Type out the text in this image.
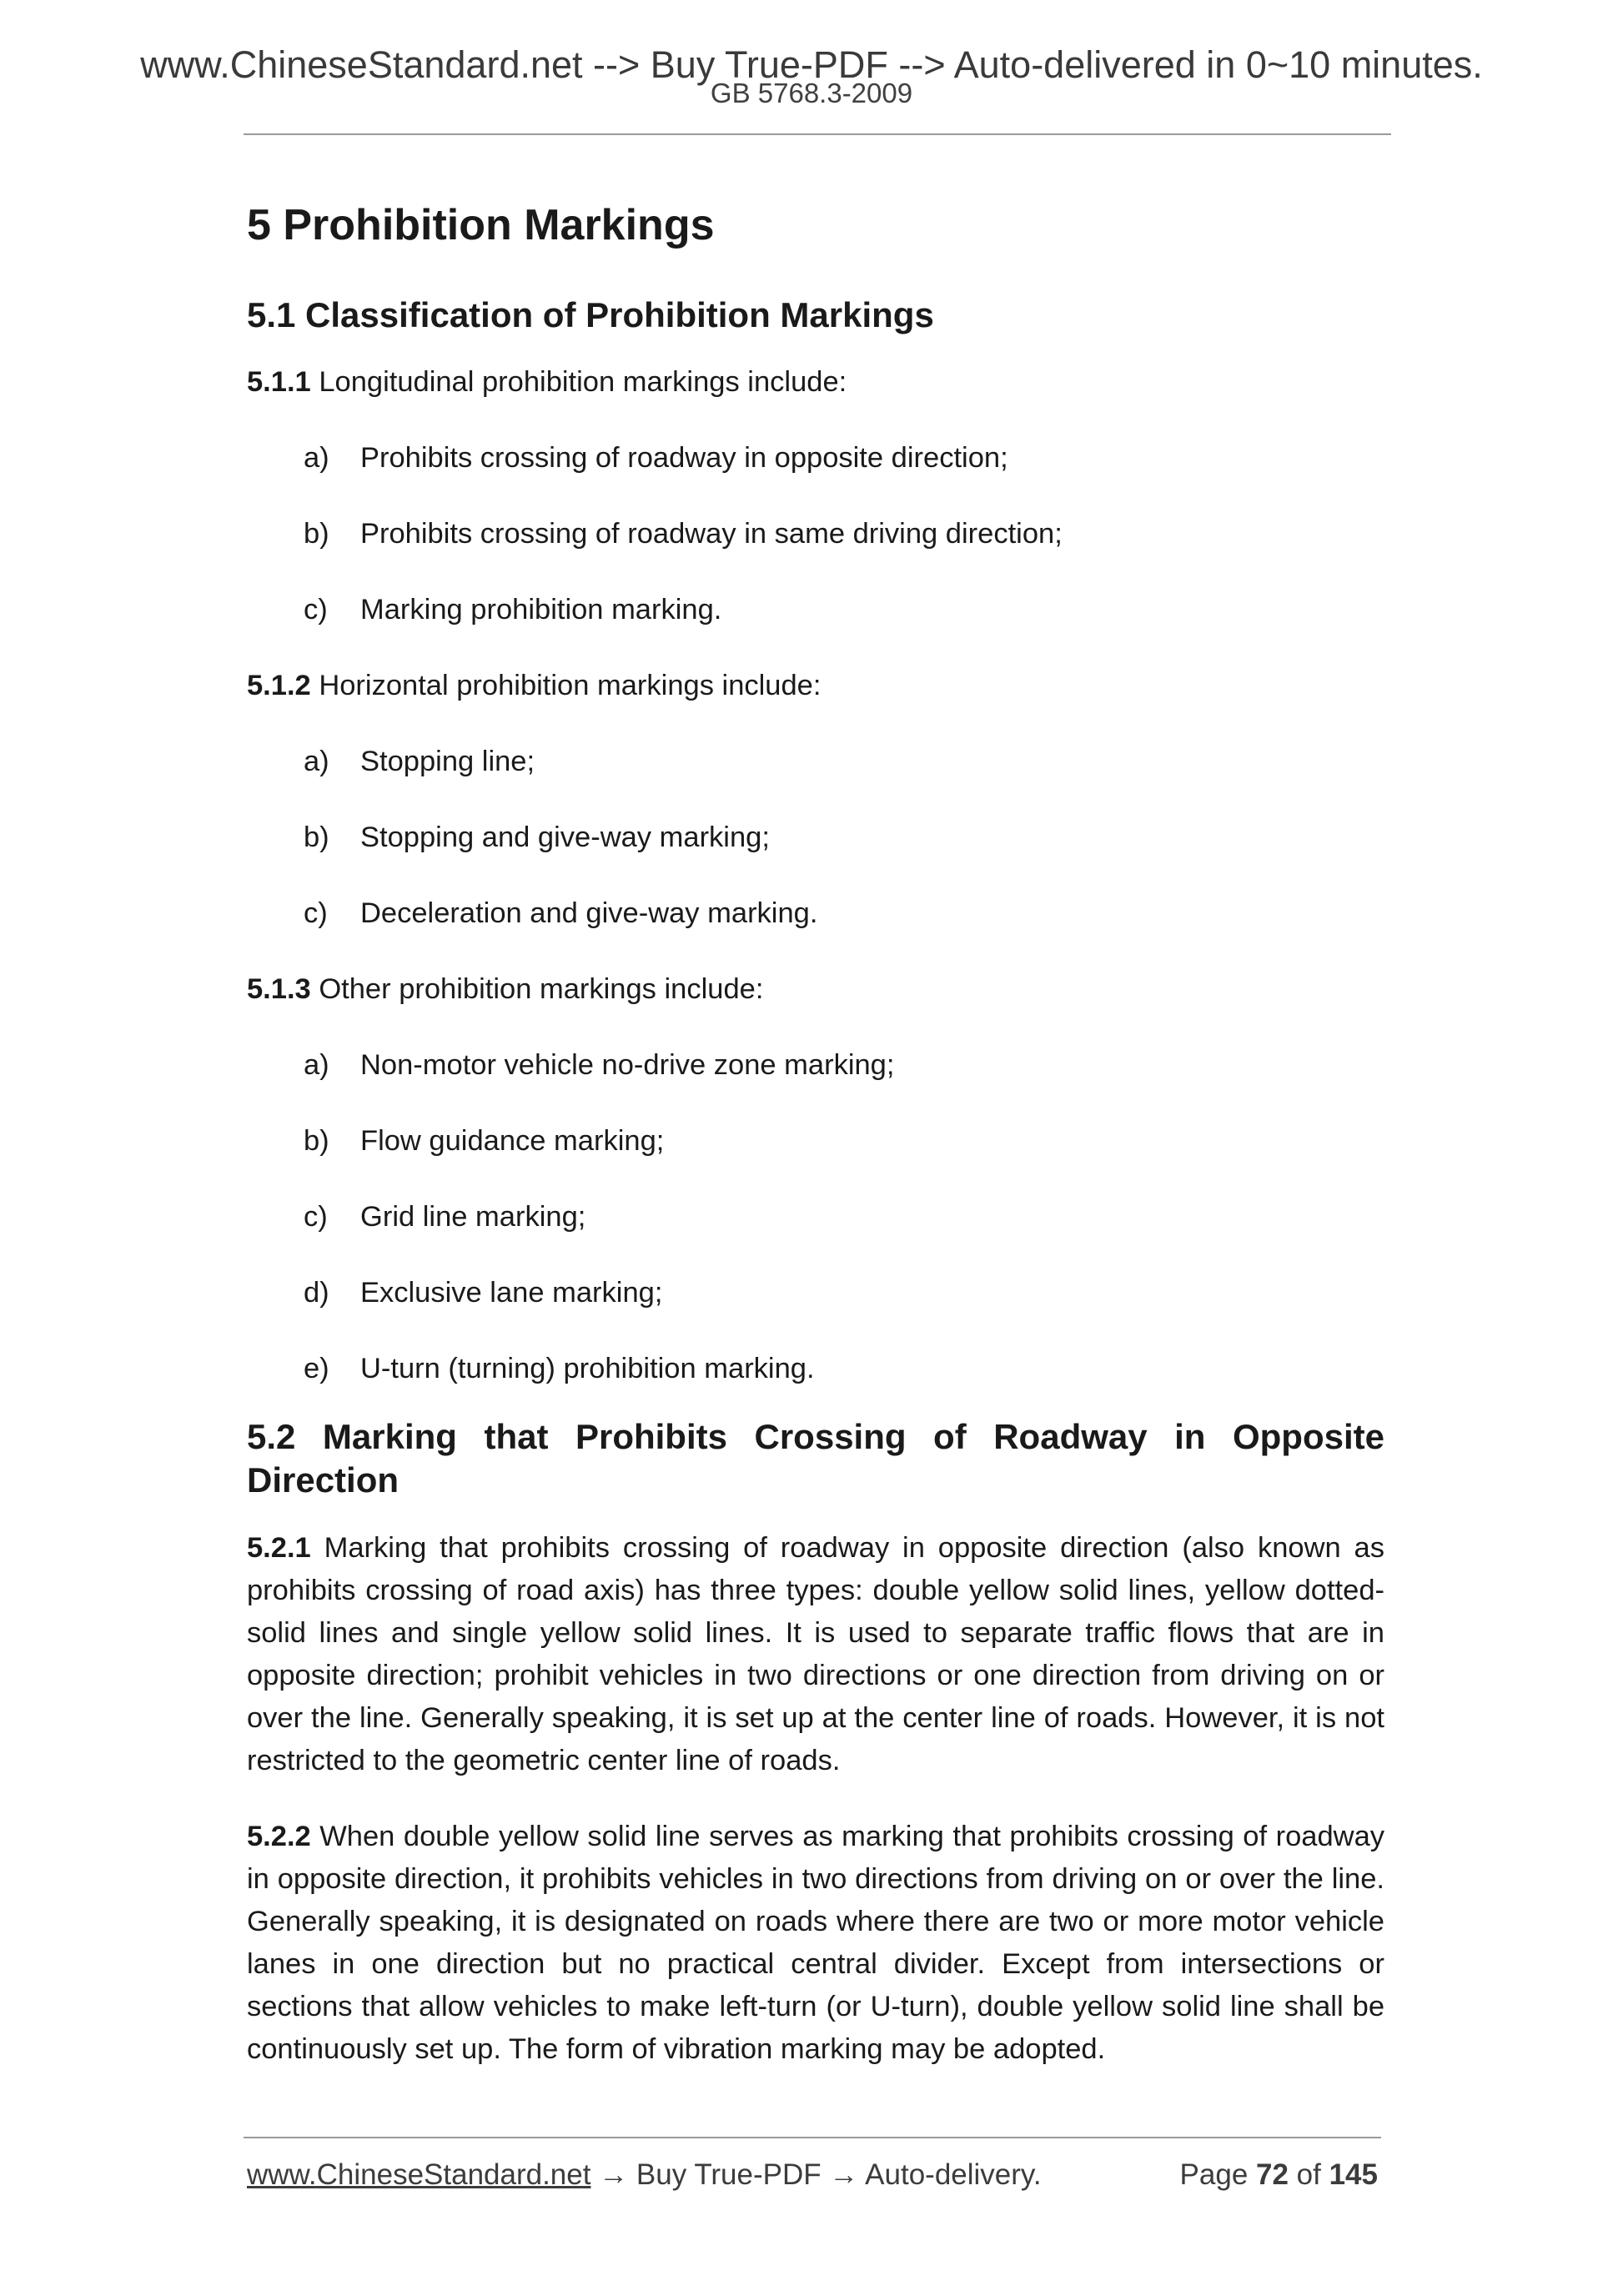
www.ChineseStandard.net --> Buy True-PDF --> Auto-delivered in 0~10 minutes.
GB 5768.3-2009
5 Prohibition Markings
5.1 Classification of Prohibition Markings
5.1.1 Longitudinal prohibition markings include:
a) Prohibits crossing of roadway in opposite direction;
b) Prohibits crossing of roadway in same driving direction;
c) Marking prohibition marking.
5.1.2 Horizontal prohibition markings include:
a) Stopping line;
b) Stopping and give-way marking;
c) Deceleration and give-way marking.
5.1.3 Other prohibition markings include:
a) Non-motor vehicle no-drive zone marking;
b) Flow guidance marking;
c) Grid line marking;
d) Exclusive lane marking;
e) U-turn (turning) prohibition marking.
5.2 Marking that Prohibits Crossing of Roadway in Opposite Direction
5.2.1 Marking that prohibits crossing of roadway in opposite direction (also known as prohibits crossing of road axis) has three types: double yellow solid lines, yellow dotted-solid lines and single yellow solid lines. It is used to separate traffic flows that are in opposite direction; prohibit vehicles in two directions or one direction from driving on or over the line. Generally speaking, it is set up at the center line of roads. However, it is not restricted to the geometric center line of roads.
5.2.2 When double yellow solid line serves as marking that prohibits crossing of roadway in opposite direction, it prohibits vehicles in two directions from driving on or over the line. Generally speaking, it is designated on roads where there are two or more motor vehicle lanes in one direction but no practical central divider. Except from intersections or sections that allow vehicles to make left-turn (or U-turn), double yellow solid line shall be continuously set up. The form of vibration marking may be adopted.
www.ChineseStandard.net → Buy True-PDF → Auto-delivery.	Page 72 of 145
